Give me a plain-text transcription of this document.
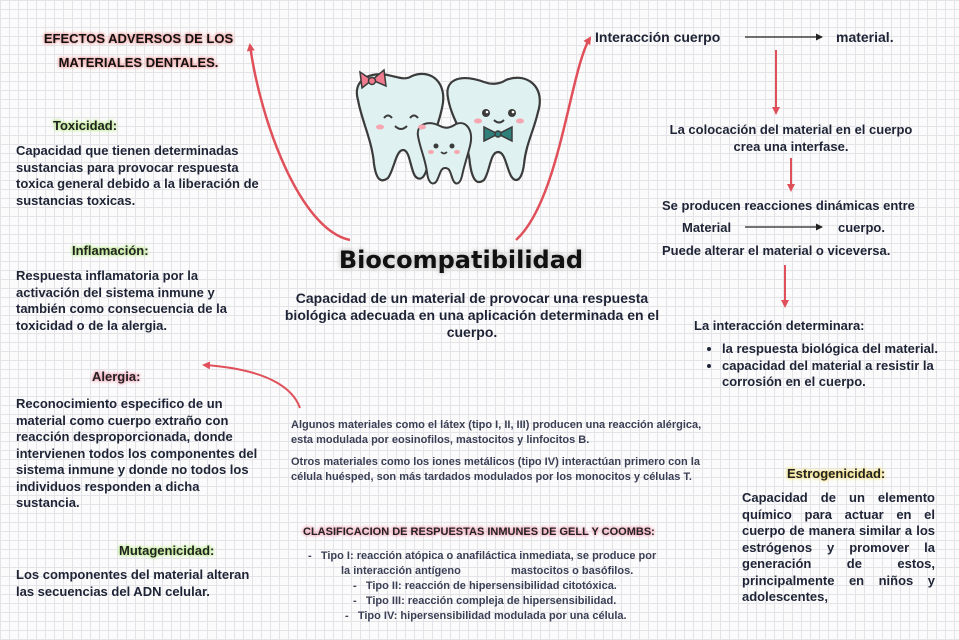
EFECTOS ADVERSOS DE LOS
MATERIALES DENTALES.
Toxicidad:
Capacidad que tienen determinadas sustancias para provocar respuesta toxica general debido a la liberación de sustancias toxicas.
Inflamación:
Respuesta inflamatoria por la activación del sistema inmune y también como consecuencia de la toxicidad o de la alergia.
Alergia:
Reconocimiento especifico de un material como cuerpo extraño con reacción desproporcionada, donde intervienen todos los componentes del sistema inmune y donde no todos los individuos responden a dicha sustancia.
Mutagenicidad:
Los componentes del material alteran las secuencias del ADN celular.
Biocompatibilidad
Capacidad de un material de provocar una respuesta biológica adecuada en una aplicación determinada en el cuerpo.
Algunos materiales como el látex (tipo I, II, III) producen una reacción alérgica, esta modulada por eosinofilos, mastocitos y linfocitos B.
Otros materiales como los iones metálicos (tipo IV) interactúan primero con la célula huésped, son más tardados modulados por los monocitos y células T.
CLASIFICACION DE RESPUESTAS INMUNES DE GELL Y COOMBS:
- Tipo I: reacción atópica o anafiláctica inmediata, se produce por
la interacción antígeno	mastocitos o basófilos.
- Tipo II: reacción de hipersensibilidad citotóxica.
- Tipo III: reacción compleja de hipersensibilidad.
- Tipo IV: hipersensibilidad modulada por una célula.
Interacción cuerpo	material.
La colocación del material en el cuerpo crea una interfase.
Se producen reacciones dinámicas entre
Material	cuerpo.
Puede alterar el material o viceversa.
La interacción determinara:
• la respuesta biológica del material.
• capacidad del material a resistir la corrosión en el cuerpo.
Estrogenicidad:
Capacidad de un elemento químico para actuar en el cuerpo de manera similar a los estrógenos y promover la generación de estos, principalmente en niños y adolescentes,
